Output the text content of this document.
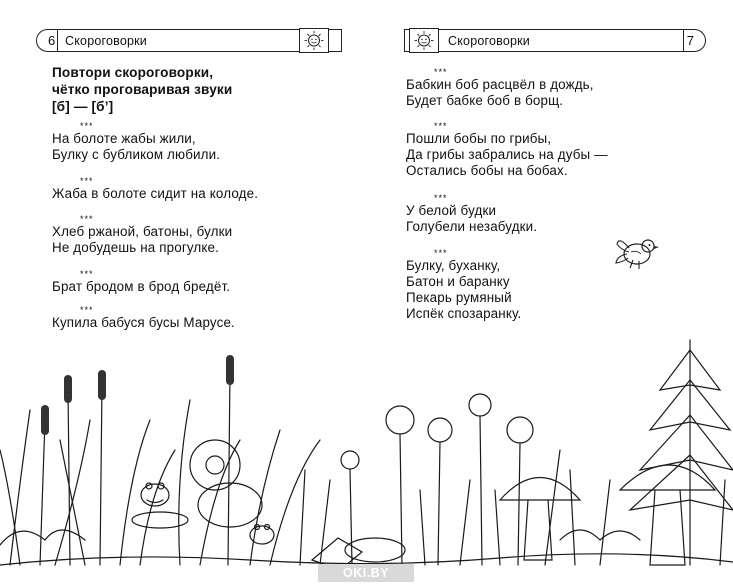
6 Скороговорки
Повтори скороговорки,
чётко проговаривая звуки
[б] — [б’]
***
На болоте жабы жили,
Булку с бубликом любили.
***
Жаба в болоте сидит на колоде.
***
Хлеб ржаной, батоны, булки
Не добудешь на прогулке.
***
Брат бродом в брод бредёт.
***
Купила бабуся бусы Марусе.
Скороговорки	7
***
Бабкин боб расцвёл в дождь,
Будет бабке боб в борщ.
***
Пошли бобы по грибы,
Да грибы забрались на дубы —
Остались бобы на бобах.
***
У белой будки
Голубели незабудки.
***
Булку, буханку,
Батон и баранку
Пекарь румяный
Испёк спозаранку.
OKI.BY
